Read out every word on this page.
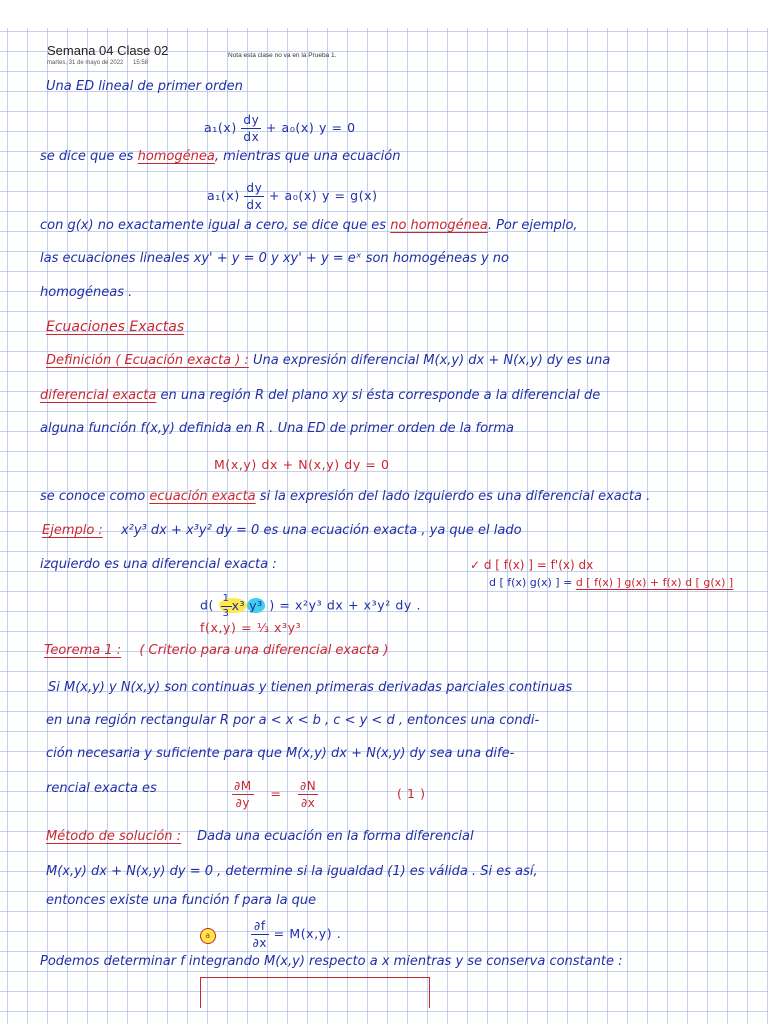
Semana 04 Clase 02
martes, 31 de mayo de 2022 15:58
Nota esta clase no va en la Prueba 1.
Una ED lineal de primer orden
$a_1(x) \frac{dy}{dx} + a_0(x) y = 0$
se dice que es homogénea, mientras que una ecuación
$a_1(x) \frac{dy}{dx} + a_0(x) y = g(x)$
con g(x) no exactamente igual a cero, se dice que es no homogénea. Por ejemplo,
las ecuaciones lineales xy' + y = 0 y xy' + y = eˣ son homogéneas y no
homogéneas .
Ecuaciones Exactas
Definición ( Ecuación exacta ) : Una expresión diferencial M(x,y) dx + N(x,y) dy es una
diferencial exacta en una región R del plano xy si ésta corresponde a la diferencial de
alguna función f(x,y) definida en R . Una ED de primer orden de la forma
M(x,y) dx + N(x,y) dy = 0
se conoce como ecuación exacta si la expresión del lado izquierdo es una diferencial exacta .
Ejemplo : x²y³ dx + x³y² dy = 0 es una ecuación exacta , ya que el lado
izquierdo es una diferencial exacta :	✓ d [ f(x) ] = f'(x) dx
d [ f(x) g(x) ] = d [ f(x) ] g(x) + f(x) d [ g(x) ]
$d( \frac{1}{3} x^3$ y³ ) = x²y³ dx + x³y² dy .
f(x,y) = ⅓ x³y³
Teorema 1 : ( Criterio para una diferencial exacta )
Si M(x,y) y N(x,y) son continuas y tienen primeras derivadas parciales continuas
en una región rectangular R por a < x < b , c < y < d , entonces una condi-
ción necesaria y suficiente para que M(x,y) dx + N(x,y) dy sea una dife-
rencial exacta es	$\frac{\partial M}{\partial y} = \frac{\partial N}{\partial x}$	( 1 )
Método de solución : Dada una ecuación en la forma diferencial
M(x,y) dx + N(x,y) dy = 0 , determine si la igualdad (1) es válida . Si es así,
entonces existe una función f para la que
a	$\frac{\partial f}{\partial x} = M(x,y)$ .
Podemos determinar f integrando M(x,y) respecto a x mientras y se conserva constante :
